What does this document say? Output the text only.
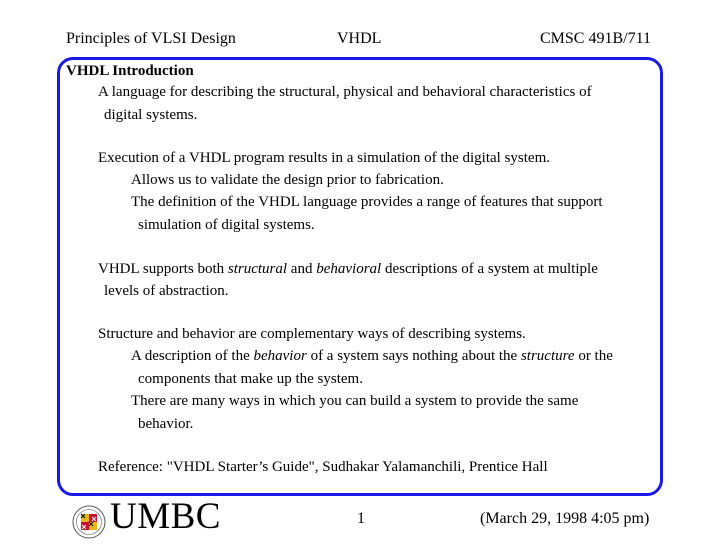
Principles of VLSI Design	VHDL	CMSC 491B/711
VHDL Introduction
A language for describing the structural, physical and behavioral characteristics of
digital systems.
Execution of a VHDL program results in a simulation of the digital system.
Allows us to validate the design prior to fabrication.
The definition of the VHDL language provides a range of features that support
simulation of digital systems.
VHDL supports both structural and behavioral descriptions of a system at multiple
levels of abstraction.
Structure and behavior are complementary ways of describing systems.
A description of the behavior of a system says nothing about the structure or the
components that make up the system.
There are many ways in which you can build a system to provide the same
behavior.
Reference: "VHDL Starter’s Guide", Sudhakar Yalamanchili, Prentice Hall
UMBC	1	(March 29, 1998 4:05 pm)
